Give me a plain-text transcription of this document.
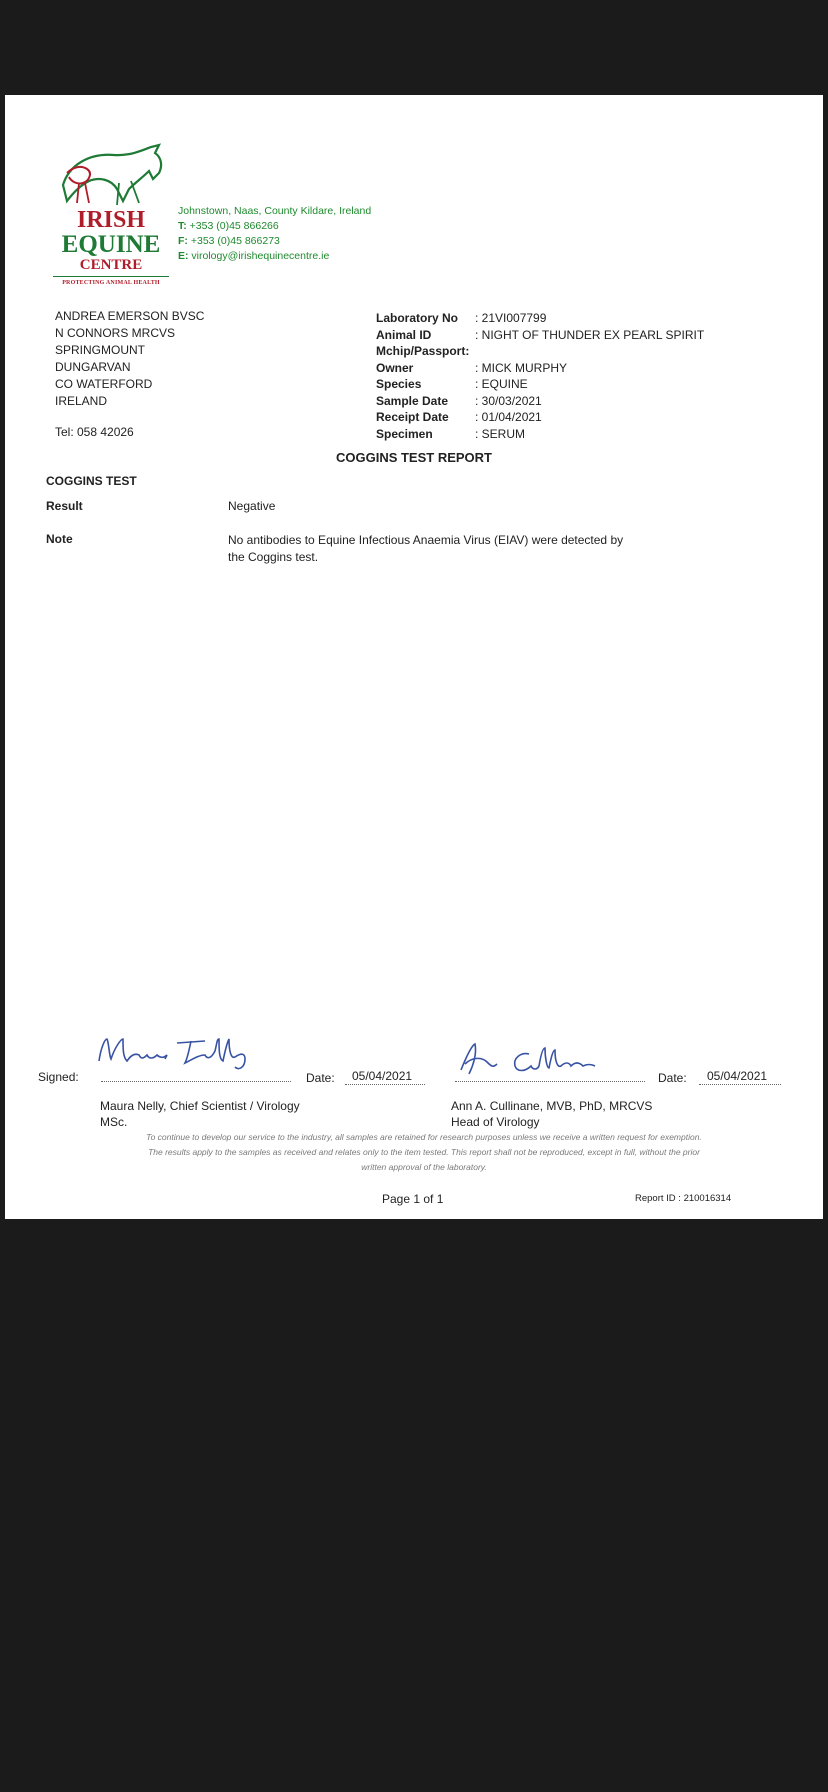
IRISH
EQUINE
CENTRE
PROTECTING ANIMAL HEALTH
Johnstown, Naas, County Kildare, Ireland
T: +353 (0)45 866266
F: +353 (0)45 866273
E: virology@irishequinecentre.ie
ANDREA EMERSON BVSC
N CONNORS MRCVS
SPRINGMOUNT
DUNGARVAN
CO WATERFORD
IRELAND
Tel: 058 42026
Laboratory No	: 21VI007799
Animal ID	: NIGHT OF THUNDER EX PEARL SPIRIT
Mchip/Passport:
Owner	: MICK MURPHY
Species	: EQUINE
Sample Date	: 30/03/2021
Receipt Date	: 01/04/2021
Specimen	: SERUM
COGGINS TEST REPORT
COGGINS TEST
Result	Negative
Note	No antibodies to Equine Infectious Anaemia Virus (EIAV) were detected by
the Coggins test.
Signed:	Date: 05/04/2021
Maura Nelly, Chief Scientist / Virology
MSc.
Date: 05/04/2021
Ann A. Cullinane, MVB, PhD, MRCVS
Head of Virology
To continue to develop our service to the industry, all samples are retained for research purposes unless we receive a written request for exemption.
The results apply to the samples as received and relates only to the item tested. This report shall not be reproduced, except in full, without the prior
written approval of the laboratory.
Page 1 of 1	Report ID : 210016314
